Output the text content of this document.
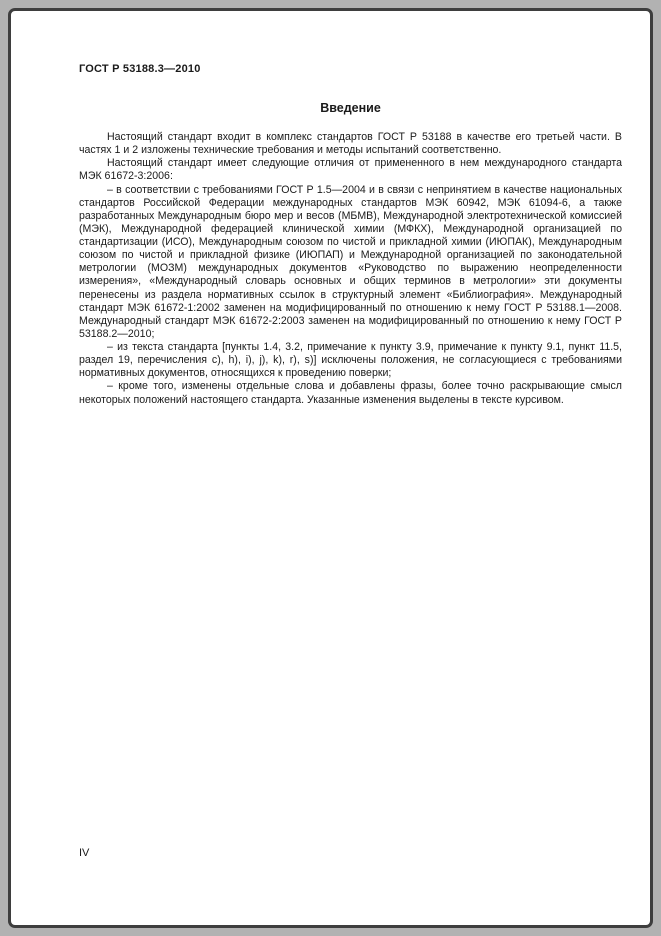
ГОСТ Р 53188.3—2010
Введение

Настоящий стандарт входит в комплекс стандартов ГОСТ Р 53188 в качестве его третьей части. В частях 1 и 2 изложены технические требования и методы испытаний соответственно.

Настоящий стандарт имеет следующие отличия от примененного в нем международного стандарта МЭК 61672-3:2006:

– в соответствии с требованиями ГОСТ Р 1.5—2004 и в связи с непринятием в качестве национальных стандартов Российской Федерации международных стандартов МЭК 60942, МЭК 61094-6, а также разработанных Международным бюро мер и весов (МБМВ), Международной электротехнической комиссией (МЭК), Международной федерацией клинической химии (МФКХ), Международной организацией по стандартизации (ИСО), Международным союзом по чистой и прикладной химии (ИЮПАК), Международным союзом по чистой и прикладной физике (ИЮПАП) и Международной организацией по законодательной метрологии (МОЗМ) международных документов «Руководство по выражению неопределенности измерения», «Международный словарь основных и общих терминов в метрологии» эти документы перенесены из раздела нормативных ссылок в структурный элемент «Библиография». Международный стандарт МЭК 61672-1:2002 заменен на модифицированный по отношению к нему ГОСТ Р 53188.1—2008. Международный стандарт МЭК 61672-2:2003 заменен на модифицированный по отношению к нему ГОСТ Р 53188.2—2010;

– из текста стандарта [пункты 1.4, 3.2, примечание к пункту 3.9, примечание к пункту 9.1, пункт 11.5, раздел 19, перечисления c), h), i), j), k), r), s)] исключены положения, не согласующиеся с требованиями нормативных документов, относящихся к проведению поверки;

– кроме того, изменены отдельные слова и добавлены фразы, более точно раскрывающие смысл некоторых положений настоящего стандарта. Указанные изменения выделены в тексте курсивом.

IV
